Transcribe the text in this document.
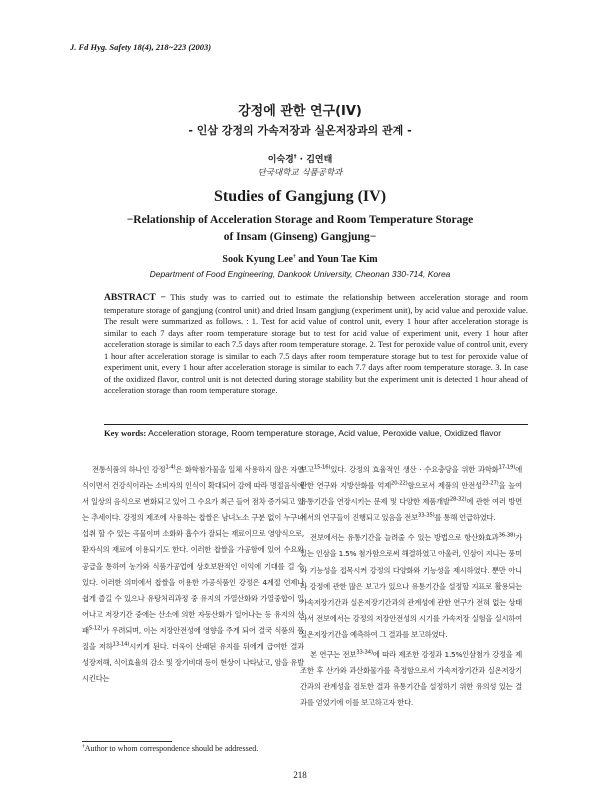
J. Fd Hyg. Safety 18(4), 218~223 (2003)
강정에 관한 연구(IV)
- 인삼 강정의 가속저장과 실온저장과의 관계 -
이숙경† · 김연태
단국대학교 식품공학과
Studies of Gangjung (IV)
−Relationship of Acceleration Storage and Room Temperature Storage
of Insam (Ginseng) Gangjung−
Sook Kyung Lee† and Youn Tae Kim
Department of Food Engineering, Dankook University, Cheonan 330-714, Korea
ABSTRACT − This study was to carried out to estimate the relationship between acceleration storage and room temperature storage of gangjung (control unit) and dried Insam gangjung (experiment unit), by acid value and peroxide value. The result were summarized as follows. : 1. Test for acid value of control unit, every 1 hour after acceleration storage is similar to each 7 days after room temperature storage but to test for acid value of experiment unit, every 1 hour after acceleration storage is similar to each 7.5 days after room temperature storage. 2. Test for peroxide value of control unit, every 1 hour after acceleration storage is similar to each 7.5 days after room temperature storage but to test for peroxide value of experiment unit, every 1 hour after acceleration storage is similar to each 7.7 days after room temperature storage. 3. In case of the oxidized flavor, control unit is not detected during storage stability but the experiment unit is detected 1 hour ahead of acceleration storage than room temperature storage.
Key words: Acceleration storage, Room temperature storage, Acid value, Peroxide value, Oxidized flavor

전통식품의 하나인 강정$^{1-4)}$은 화학첨가물을 일체 사용하지 않은 자연식이면서 건강식이라는 소비자의 인식이 확대되어 감에 따라 명절음식에서 일상의 음식으로 변화되고 있어 그 수요가 최근 들어 점차 증가되고 있는 추세이다. 강정의 제조에 사용하는 찹쌀은 남녀노소 구분 없이 누구나 섭취 할 수 있는 곡물이며 소화와 흡수가 잘되는 재료이므로 영양식으로, 환자식의 재료에 이용되기도 한다. 이러한 찹쌀을 가공함에 있어 수요와 공급을 통하여 농가와 식품가공업에 상호보완적인 이익에 기대를 걸 수 있다. 이러한 의미에서 찹쌀을 이용한 가공식품인 강정은 4계절 언제나 쉽게 즐길 수 있으나 유탕처리과정 중 유지의 가열산화와 가열중합이 일어나고 저장기간 중에는 산소에 의한 자동산화가 일어나는 등 유지의 산패$^{5-12)}$가 우려되며, 이는 저장안전성에 영향을 주게 되어 결국 식품의 품질을 저하$^{13-14)}$시키게 된다. 더욱이 산패된 유지를 뒤에게 급여한 결과 성장저해, 식이효율의 감소 및 장기비대 등이 현상이 나타났고, 암을 유발시킨다는

보고$^{15-16)}$있다. 강정의 효율적인 생산 · 수요충당을 위한 과학화$^{17-19)}$에 관한 연구와 지방산화를 억제$^{20-22)}$함으로서 제품의 안전성$^{23-27)}$을 높여 유통기간을 연장시키는 문제 및 다양한 제품개발$^{28-32)}$에 관한 여러 방면에서의 연구들이 진행되고 있음을 전보$^{33-35)}$를 통해 언급하였다.

전보에서는 유통기간을 늘려줄 수 있는 방법으로 항산화효과$^{36-38)}$가 있는 인삼을 1.5% 첨가함으로써 해결하였고 아울러, 인삼이 지니는 풍미와 기능성을 접목시켜 강정의 다양화와 기능성을 제시하였다. 뿐만 아니라 강정에 관한 많은 보고가 있으나 유통기간을 설정할 지표로 활용되는 가속저장기간과 실온저장기간과의 관계성에 관한 연구가 전혀 없는 상태 라서 전보에서는 강정의 저장안전성의 시기를 가속저장 실험을 실시하여 실온저장기간을 예측하여 그 결과를 보고하였다.

본 연구는 전보$^{33-34)}$에 따라 제조한 강정과 1.5%인삼첨가 강정을 제조한 후 산가와 과산화물가를 측정함으로서 가속저장기간과 실온저장기간과의 관계성을 검토한 결과 유통기간을 설정하기 위한 유의성 있는 결과를 얻었기에 이를 보고하고자 한다.

†Author to whom correspondence should be addressed.
218
